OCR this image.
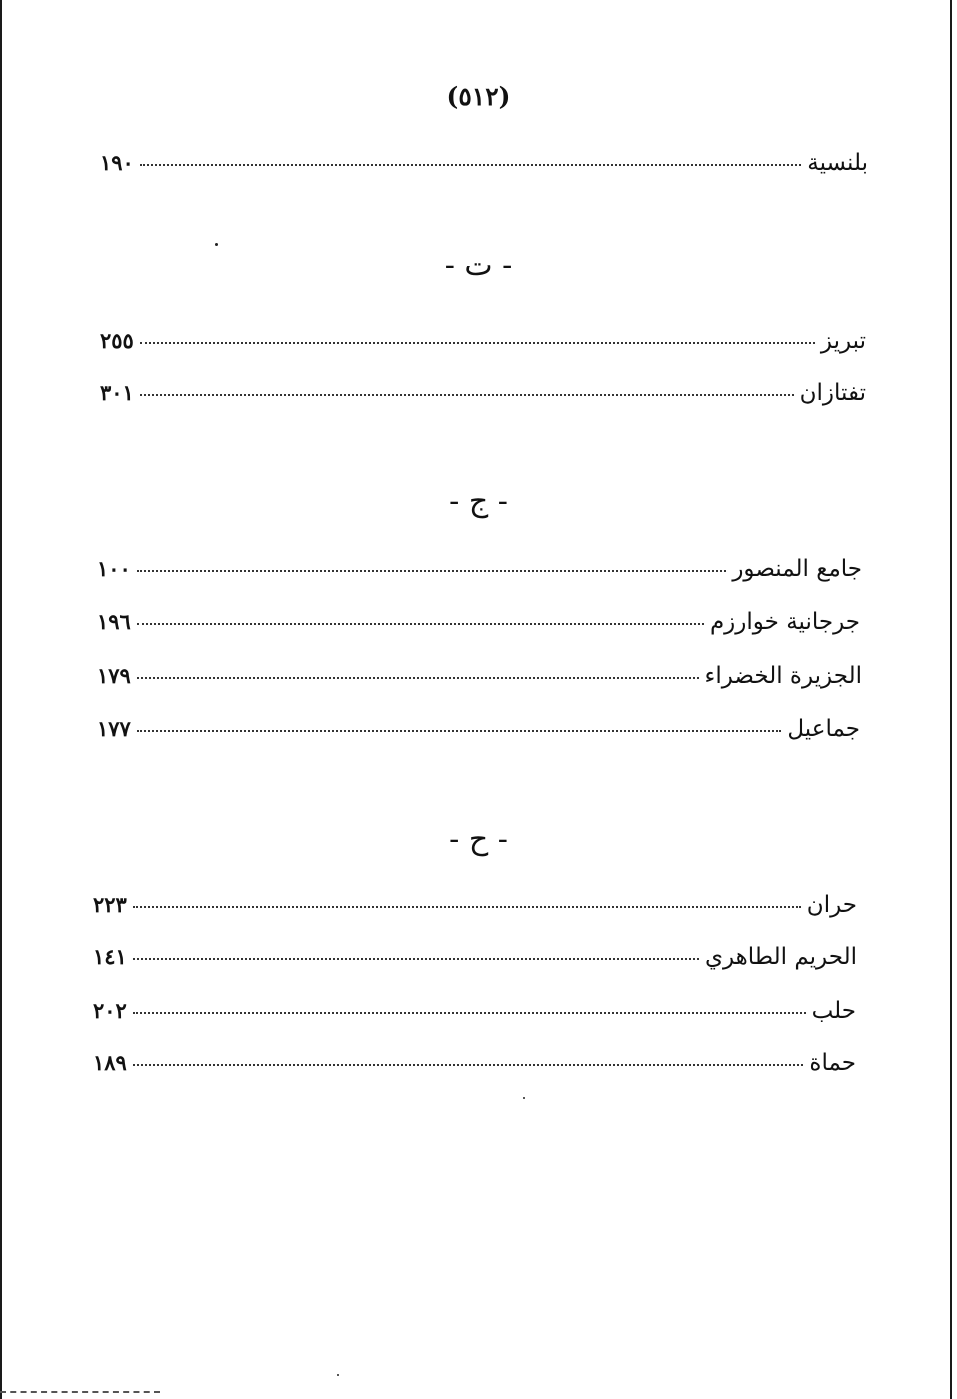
(٥١٢)
١٩٠	بلنسية
- ت -
٢٥٥	تبريز
٣٠١	تفتازان
- ج -
١٠٠	جامع المنصور
١٩٦	جرجانية خوارزم
١٧٩	الجزيرة الخضراء
١٧٧	جماعيل
- ح -
٢٢٣	حران
١٤١	الحريم الطاهري
٢٠٢	حلب
١٨٩	حماة
